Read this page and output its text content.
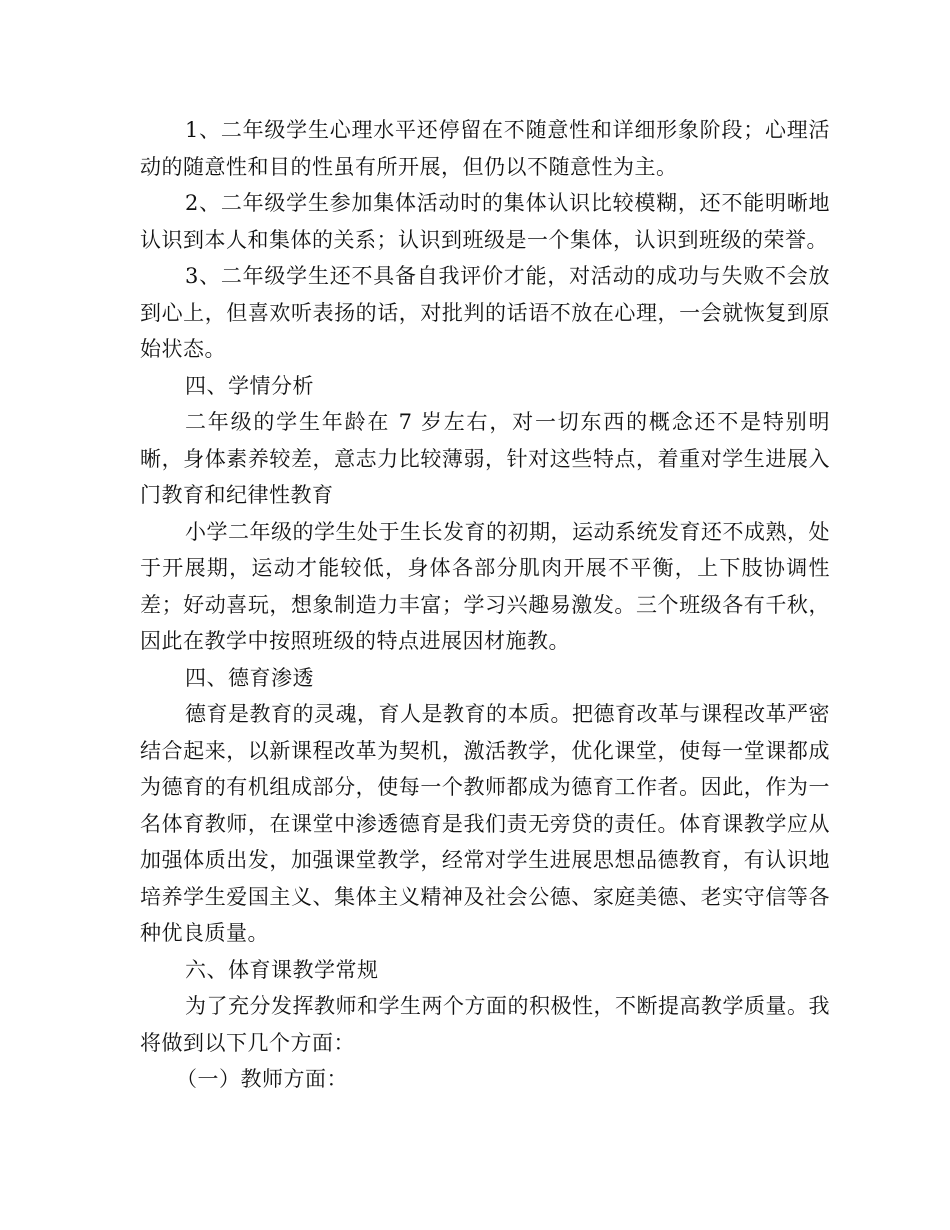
1、二年级学生心理水平还停留在不随意性和详细形象阶段；心理活动的随意性和目的性虽有所开展，但仍以不随意性为主。

2、二年级学生参加集体活动时的集体认识比较模糊，还不能明晰地认识到本人和集体的关系；认识到班级是一个集体，认识到班级的荣誉。

3、二年级学生还不具备自我评价才能，对活动的成功与失败不会放到心上，但喜欢听表扬的话，对批判的话语不放在心理，一会就恢复到原始状态。

四、学情分析

二年级的学生年龄在 7 岁左右，对一切东西的概念还不是特别明晰，身体素养较差，意志力比较薄弱，针对这些特点，着重对学生进展入门教育和纪律性教育

小学二年级的学生处于生长发育的初期，运动系统发育还不成熟，处于开展期，运动才能较低，身体各部分肌肉开展不平衡，上下肢协调性差；好动喜玩，想象制造力丰富；学习兴趣易激发。三个班级各有千秋，因此在教学中按照班级的特点进展因材施教。

四、德育渗透

德育是教育的灵魂，育人是教育的本质。把德育改革与课程改革严密结合起来，以新课程改革为契机，激活教学，优化课堂，使每一堂课都成为德育的有机组成部分，使每一个教师都成为德育工作者。因此，作为一名体育教师，在课堂中渗透德育是我们责无旁贷的责任。体育课教学应从加强体质出发，加强课堂教学，经常对学生进展思想品德教育，有认识地培养学生爱国主义、集体主义精神及社会公德、家庭美德、老实守信等各种优良质量。

六、体育课教学常规

为了充分发挥教师和学生两个方面的积极性，不断提高教学质量。我将做到以下几个方面：

（一）教师方面：
